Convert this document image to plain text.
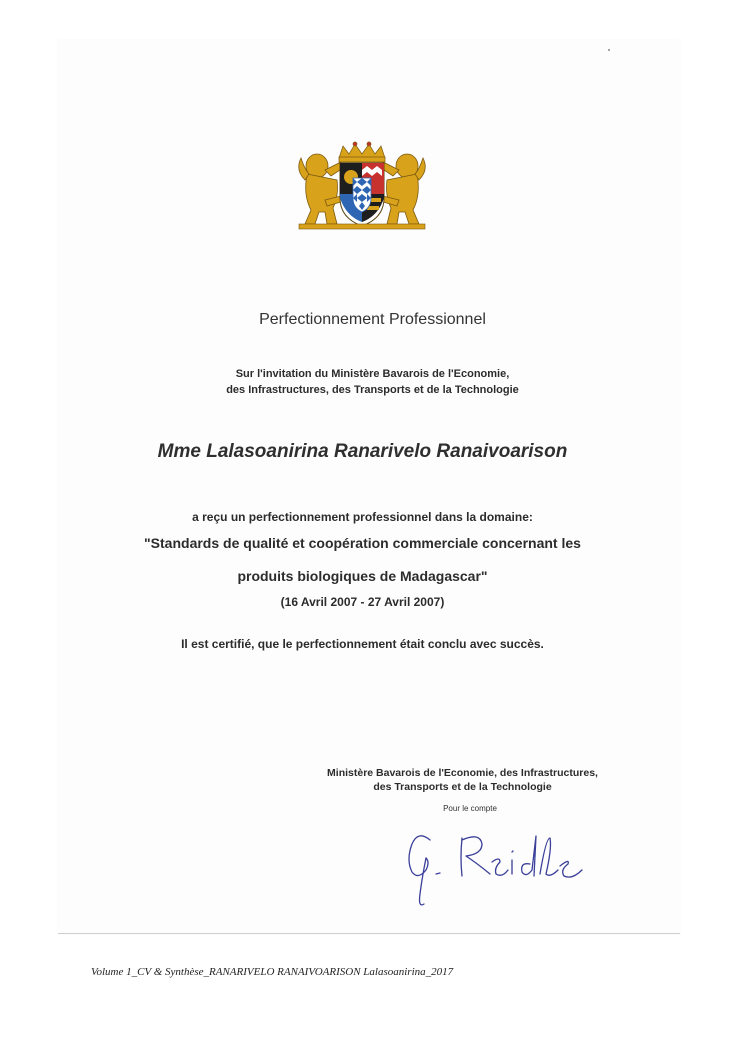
Perfectionnement Professionnel
Sur l'invitation du Ministère Bavarois de l'Economie,
des Infrastructures, des Transports et de la Technologie
Mme Lalasoanirina Ranarivelo Ranaivoarison
a reçu un perfectionnement professionnel dans la domaine:
"Standards de qualité et coopération commerciale concernant les
produits biologiques de Madagascar"
(16 Avril 2007 - 27 Avril 2007)
Il est certifié, que le perfectionnement était conclu avec succès.
Ministère Bavarois de l'Economie, des Infrastructures,
des Transports et de la Technologie
Pour le compte
Volume 1_CV & Synthèse_RANARIVELO RANAIVOARISON Lalasoanirina_2017
